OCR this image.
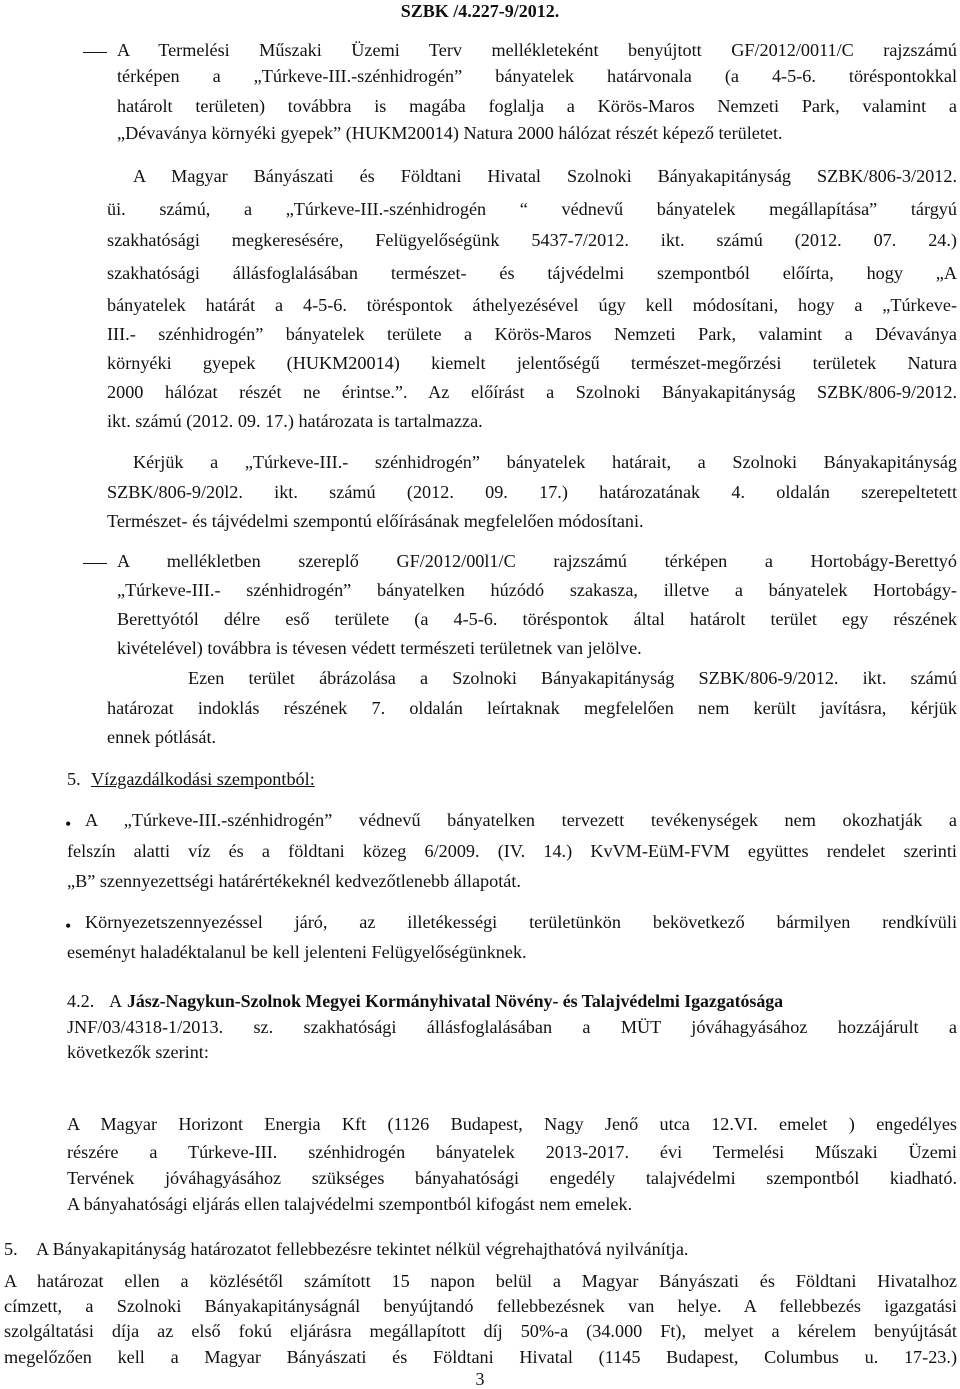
SZBK /4.227-9/2012.
A Termelési Műszaki Üzemi Terv mellékleteként benyújtott GF/2012/0011/C rajzszámú
térképen a „Túrkeve-III.-szénhidrogén” bányatelek határvonala (a 4-5-6. töréspontokkal
határolt területen) továbbra is magába foglalja a Körös-Maros Nemzeti Park, valamint a
„Dévaványa környéki gyepek” (HUKM20014) Natura 2000 hálózat részét képező területet.
A Magyar Bányászati és Földtani Hivatal Szolnoki Bányakapitányság SZBK/806-3/2012.
üi. számú, a „Túrkeve-III.-szénhidrogén “ védnevű bányatelek megállapítása” tárgyú
szakhatósági megkeresésére, Felügyelőségünk 5437-7/2012. ikt. számú (2012. 07. 24.)
szakhatósági állásfoglalásában természet- és tájvédelmi szempontból előírta, hogy „A
bányatelek határát a 4-5-6. töréspontok áthelyezésével úgy kell módosítani, hogy a „Túrkeve-
III.- szénhidrogén” bányatelek területe a Körös-Maros Nemzeti Park, valamint a Dévaványa
környéki gyepek (HUKM20014) kiemelt jelentőségű természet-megőrzési területek Natura
2000 hálózat részét ne érintse.”. Az előírást a Szolnoki Bányakapitányság SZBK/806-9/2012.
ikt. számú (2012. 09. 17.) határozata is tartalmazza.
Kérjük a „Túrkeve-III.- szénhidrogén” bányatelek határait, a Szolnoki Bányakapitányság
SZBK/806-9/20l2. ikt. számú (2012. 09. 17.) határozatának 4. oldalán szerepeltetett
Természet- és tájvédelmi szempontú előírásának megfelelően módosítani.
A mellékletben szereplő GF/2012/00l1/C rajzszámú térképen a Hortobágy-Berettyó
„Túrkeve-III.- szénhidrogén” bányatelken húzódó szakasza, illetve a bányatelek Hortobágy-
Berettyótól délre eső területe (a 4-5-6. töréspontok által határolt terület egy részének
kivételével) továbbra is tévesen védett természeti területnek van jelölve.
Ezen terület ábrázolása a Szolnoki Bányakapitányság SZBK/806-9/2012. ikt. számú
határozat indoklás részének 7. oldalán leírtaknak megfelelően nem került javításra, kérjük
ennek pótlását.
5. Vízgazdálkodási szempontból:
• A „Túrkeve-III.-szénhidrogén” védnevű bányatelken tervezett tevékenységek nem okozhatják a
felszín alatti víz és a földtani közeg 6/2009. (IV. 14.) KvVM-EüM-FVM együttes rendelet szerinti
„B” szennyezettségi határértékeknél kedvezőtlenebb állapotát.
• Környezetszennyezéssel járó, az illetékességi területünkön bekövetkező bármilyen rendkívüli
eseményt haladéktalanul be kell jelenteni Felügyelőségünknek.
4.2. A Jász-Nagykun-Szolnok Megyei Kormányhivatal Növény- és Talajvédelmi Igazgatósága
JNF/03/4318-1/2013. sz. szakhatósági állásfoglalásában a MÜT jóváhagyásához hozzájárult a
következők szerint:
A Magyar Horizont Energia Kft (1126 Budapest, Nagy Jenő utca 12.VI. emelet ) engedélyes
részére a Túrkeve-III. szénhidrogén bányatelek 2013-2017. évi Termelési Műszaki Üzemi
Tervének jóváhagyásához szükséges bányahatósági engedély talajvédelmi szempontból kiadható.
A bányahatósági eljárás ellen talajvédelmi szempontból kifogást nem emelek.
5.	A Bányakapitányság határozatot fellebbezésre tekintet nélkül végrehajthatóvá nyilvánítja.
A határozat ellen a közlésétől számított 15 napon belül a Magyar Bányászati és Földtani Hivatalhoz
címzett, a Szolnoki Bányakapitányságnál benyújtandó fellebbezésnek van helye. A fellebbezés igazgatási
szolgáltatási díja az első fokú eljárásra megállapított díj 50%-a (34.000 Ft), melyet a kérelem benyújtását
megelőzően kell a Magyar Bányászati és Földtani Hivatal (1145 Budapest, Columbus u. 17-23.)
3
